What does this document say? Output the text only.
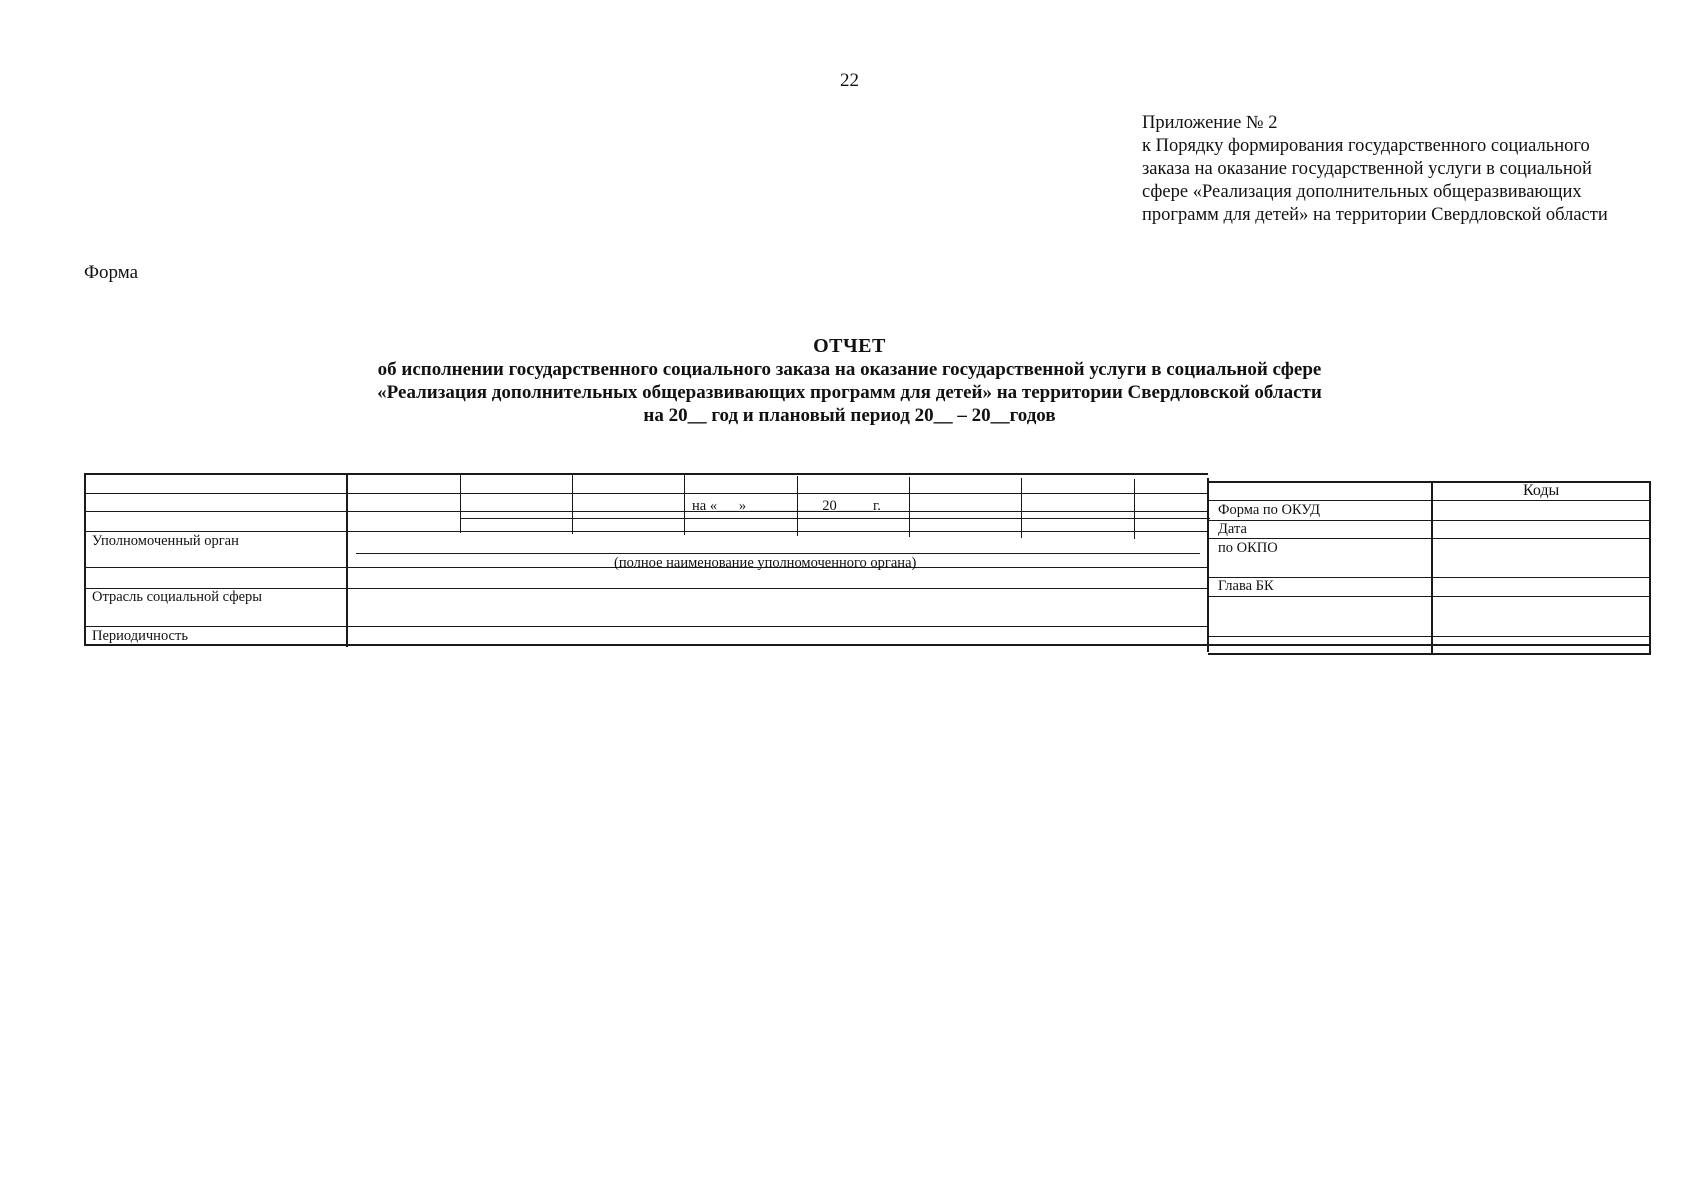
22
Приложение № 2
к Порядку формирования государственного социального
заказа на оказание государственной услуги в социальной
сфере «Реализация дополнительных общеразвивающих
программ для детей» на территории Свердловской области
Форма
ОТЧЕТ
об исполнении государственного социального заказа на оказание государственной услуги в социальной сфере
«Реализация дополнительных общеразвивающих программ для детей» на территории Свердловской области
на 20__ год и плановый период 20__ – 20__годов
на «___» __________20_____г.
Уполномоченный орган
(полное наименование уполномоченного органа)
Отрасль социальной сферы
Периодичность
Коды
Форма по ОКУД
Дата
по ОКПО
Глава БК
